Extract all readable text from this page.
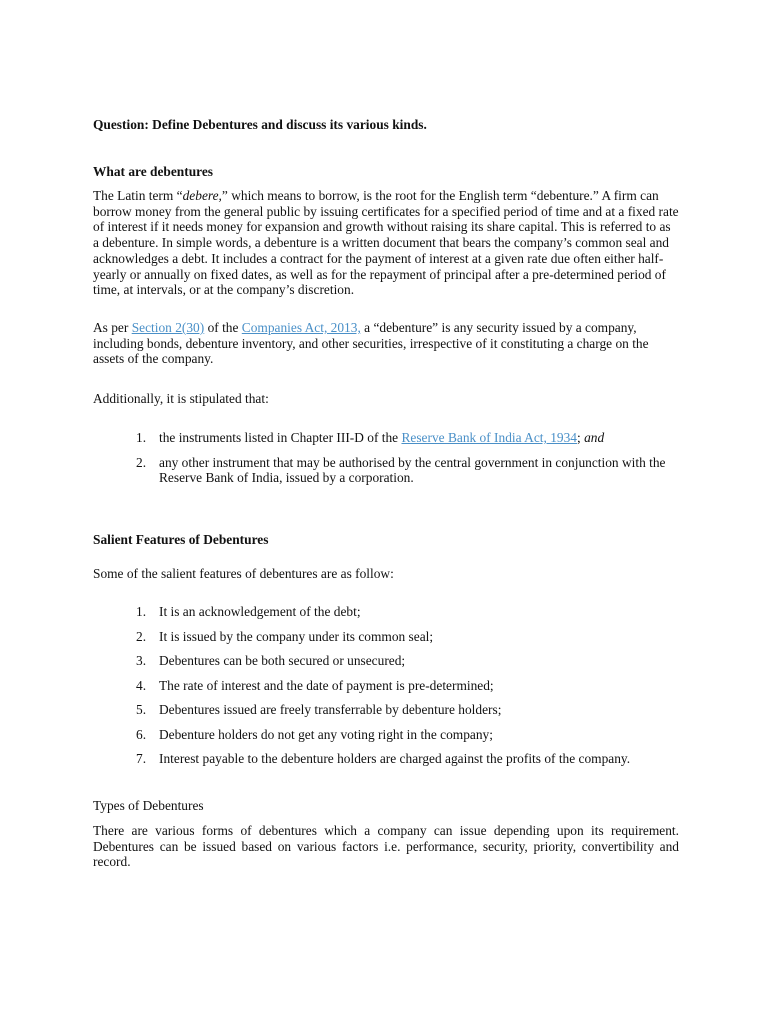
Question: Define Debentures and discuss its various kinds.

What are debentures

The Latin term “debere,” which means to borrow, is the root for the English term “debenture.” A firm can borrow money from the general public by issuing certificates for a specified period of time and at a fixed rate of interest if it needs money for expansion and growth without raising its share capital. This is referred to as a debenture. In simple words, a debenture is a written document that bears the company’s common seal and acknowledges a debt. It includes a contract for the payment of interest at a given rate due often either half-yearly or annually on fixed dates, as well as for the repayment of principal after a pre-determined period of time, at intervals, or at the company’s discretion.

As per Section 2(30) of the Companies Act, 2013, a “debenture” is any security issued by a company, including bonds, debenture inventory, and other securities, irrespective of it constituting a charge on the assets of the company.

Additionally, it is stipulated that:

1. the instruments listed in Chapter III-D of the Reserve Bank of India Act, 1934; and
2. any other instrument that may be authorised by the central government in conjunction with the Reserve Bank of India, issued by a corporation.

Salient Features of Debentures

Some of the salient features of debentures are as follow:

1. It is an acknowledgement of the debt;
2. It is issued by the company under its common seal;
3. Debentures can be both secured or unsecured;
4. The rate of interest and the date of payment is pre-determined;
5. Debentures issued are freely transferrable by debenture holders;
6. Debenture holders do not get any voting right in the company;
7. Interest payable to the debenture holders are charged against the profits of the company.

Types of Debentures

There are various forms of debentures which a company can issue depending upon its requirement. Debentures can be issued based on various factors i.e. performance, security, priority, convertibility and record.
